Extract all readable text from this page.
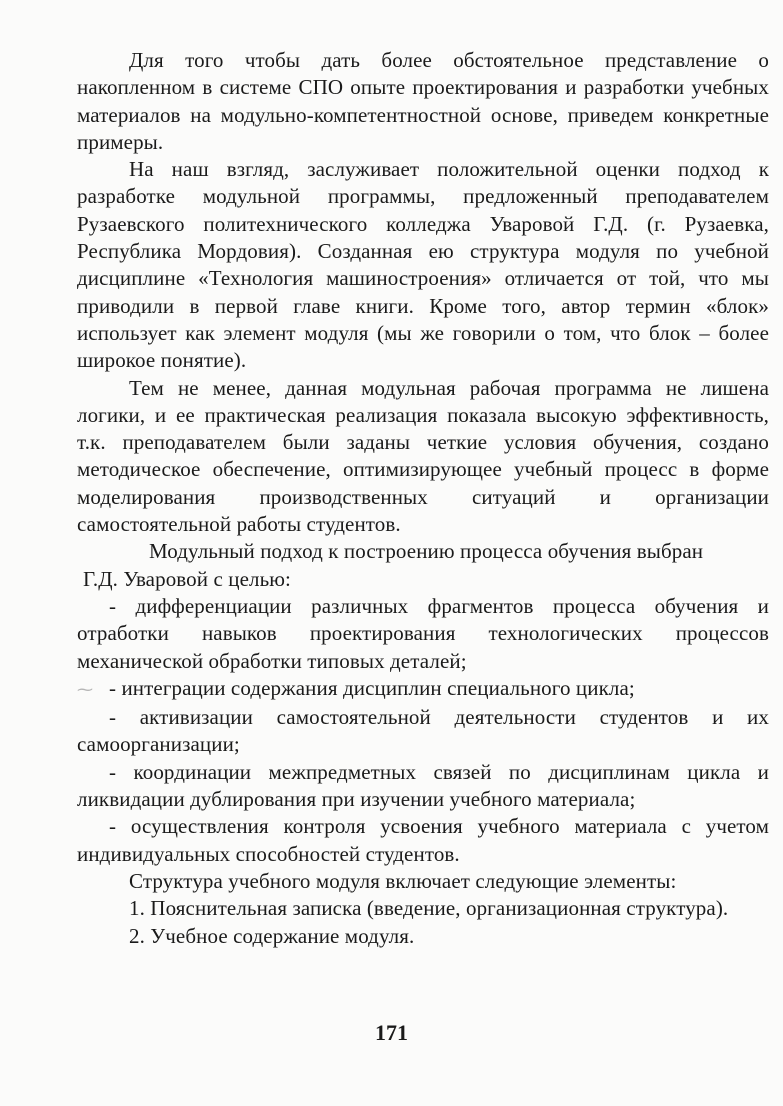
Для того чтобы дать более обстоятельное представление о накопленном в системе СПО опыте проектирования и разработки учебных материалов на модульно-компетентностной основе, приведем конкретные примеры.

На наш взгляд, заслуживает положительной оценки подход к разработке модульной программы, предложенный преподавателем Рузаевского политехнического колледжа Уваровой Г.Д. (г. Рузаевка, Республика Мордовия). Созданная ею структура модуля по учебной дисциплине «Технология машиностроения» отличается от той, что мы приводили в первой главе книги. Кроме того, автор термин «блок» использует как элемент модуля (мы же говорили о том, что блок – более широкое понятие).

Тем не менее, данная модульная рабочая программа не лишена логики, и ее практическая реализация показала высокую эффективность, т.к. преподавателем были заданы четкие условия обучения, создано методическое обеспечение, оптимизирующее учебный процесс в форме моделирования производственных ситуаций и организации самостоятельной работы студентов.

Модульный подход к построению процесса обучения выбран

Г.Д. Уваровой с целью:

- дифференциации различных фрагментов процесса обучения и отработки навыков проектирования технологических процессов механической обработки типовых деталей;

⁓ - интеграции содержания дисциплин специального цикла;

- активизации самостоятельной деятельности студентов и их самоорганизации;

- координации межпредметных связей по дисциплинам цикла и ликвидации дублирования при изучении учебного материала;

- осуществления контроля усвоения учебного материала с учетом индивидуальных способностей студентов.

Структура учебного модуля включает следующие элементы:

1. Пояснительная записка (введение, организационная структура).

2. Учебное содержание модуля.

171
